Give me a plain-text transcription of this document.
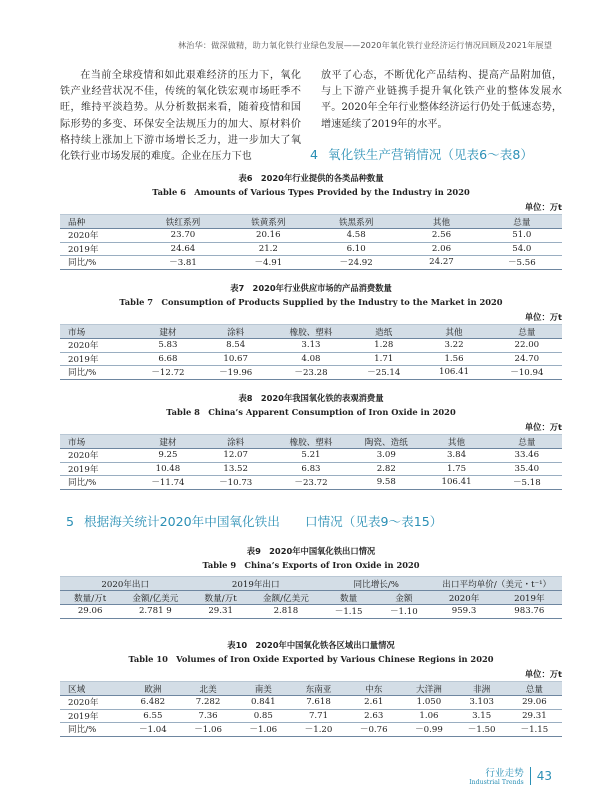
林治华：做深做精，助力氧化铁行业绿色发展——2020年氧化铁行业经济运行情况回顾及2021年展望

在当前全球疫情和如此艰难经济的压力下，氧化铁产业经营状况不佳，传统的氧化铁宏观市场旺季不旺，维持平淡趋势。从分析数据来看，随着疫情和国际形势的多变、环保安全法规压力的加大、原材料价格持续上涨加上下游市场增长乏力，进一步加大了氧化铁行业市场发展的难度。企业在压力下也

放平了心态，不断优化产品结构、提高产品附加值，与上下游产业链携手提升氧化铁产业的整体发展水平。2020年全年行业整体经济运行仍处于低速态势，增速延续了2019年的水平。

4 氧化铁生产营销情况（见表6～表8）
表6　2020年行业提供的各类品种数量
Table 6　Amounts of Various Types Provided by the Industry in 2020
单位：万t
品种	铁红系列	铁黄系列	铁黑系列	其他	总量
2020年	23.70	20.16	4.58	2.56	51.0
2019年	24.64	21.2	6.10	2.06	54.0
同比/%	－3.81	－4.91	－24.92	24.27	－5.56
表7　2020年行业供应市场的产品消费数量
Table 7　Consumption of Products Supplied by the Industry to the Market in 2020
单位：万t
市场	建材	涂料	橡胶、塑料	造纸	其他	总量
2020年	5.83	8.54	3.13	1.28	3.22	22.00
2019年	6.68	10.67	4.08	1.71	1.56	24.70
同比/%	－12.72	－19.96	－23.28	－25.14	106.41	－10.94
表8　2020年我国氧化铁的表观消费量
Table 8　China’s Apparent Consumption of Iron Oxide in 2020
单位：万t
市场	建材	涂料	橡胶、塑料	陶瓷、造纸	其他	总量
2020年	9.25	12.07	5.21	3.09	3.84	33.46
2019年	10.48	13.52	6.83	2.82	1.75	35.40
同比/%	－11.74	－10.73	－23.72	9.58	106.41	－5.18
5 根据海关统计2020年中国氧化铁出　　口情况（见表9～表15）
表9　2020年中国氧化铁出口情况
Table 9　China’s Exports of Iron Oxide in 2020
2020年出口		2019年出口		同比增长/%		出口平均单价/（美元・t⁻¹）	
数量/万t	金额/亿美元	数量/万t	金额/亿美元	数量	金额	2020年	2019年
29.06	2.781 9	29.31	2.818	－1.15	－1.10	959.3	983.76
表10　2020年中国氧化铁各区域出口量情况
Table 10　Volumes of Iron Oxide Exported by Various Chinese Regions in 2020
单位：万t
区域	欧洲	北美	南美	东南亚	中东	大洋洲	非洲	总量
2020年	6.482	7.282	0.841	7.618	2.61	1.050	3.103	29.06
2019年	6.55	7.36	0.85	7.71	2.63	1.06	3.15	29.31
同比/%	－1.04	－1.06	－1.06	－1.20	－0.76	－0.99	－1.50	－1.15
行业走势
Industrial Trends 43
